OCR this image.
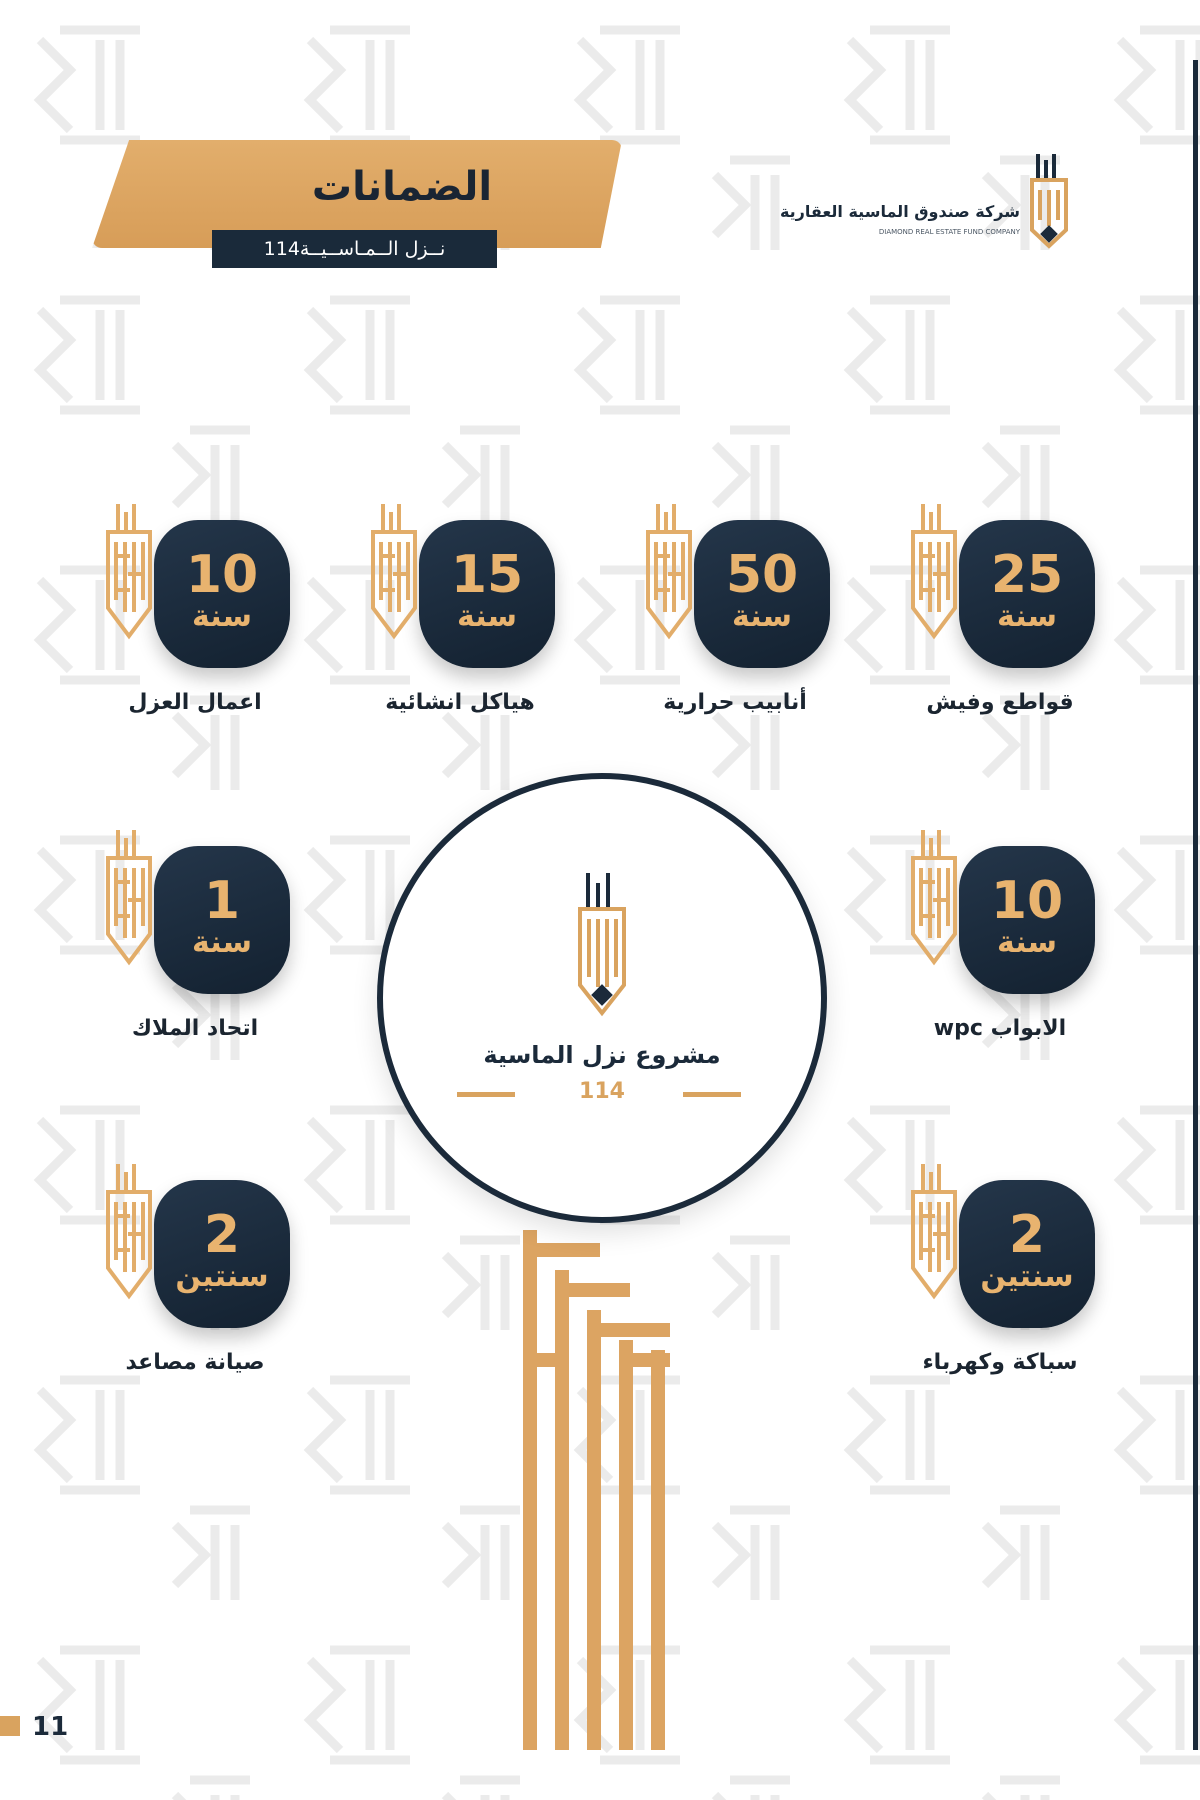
الضمانات
نــزل الــمـاســيــة114
شركة صندوق الماسية العقارية
DIAMOND REAL ESTATE FUND COMPANY
10
سنة
اعمال العزل
15
سنة
هياكل انشائية
50
سنة
أنابيب حرارية
25
سنة
قواطع وفيش
1
سنة
اتحاد الملاك
10
سنة
الابواب wpc
2
سنتين
صيانة مصاعد
2
سنتين
سباكة وكهرباء
مشروع نزل الماسية
114
11
